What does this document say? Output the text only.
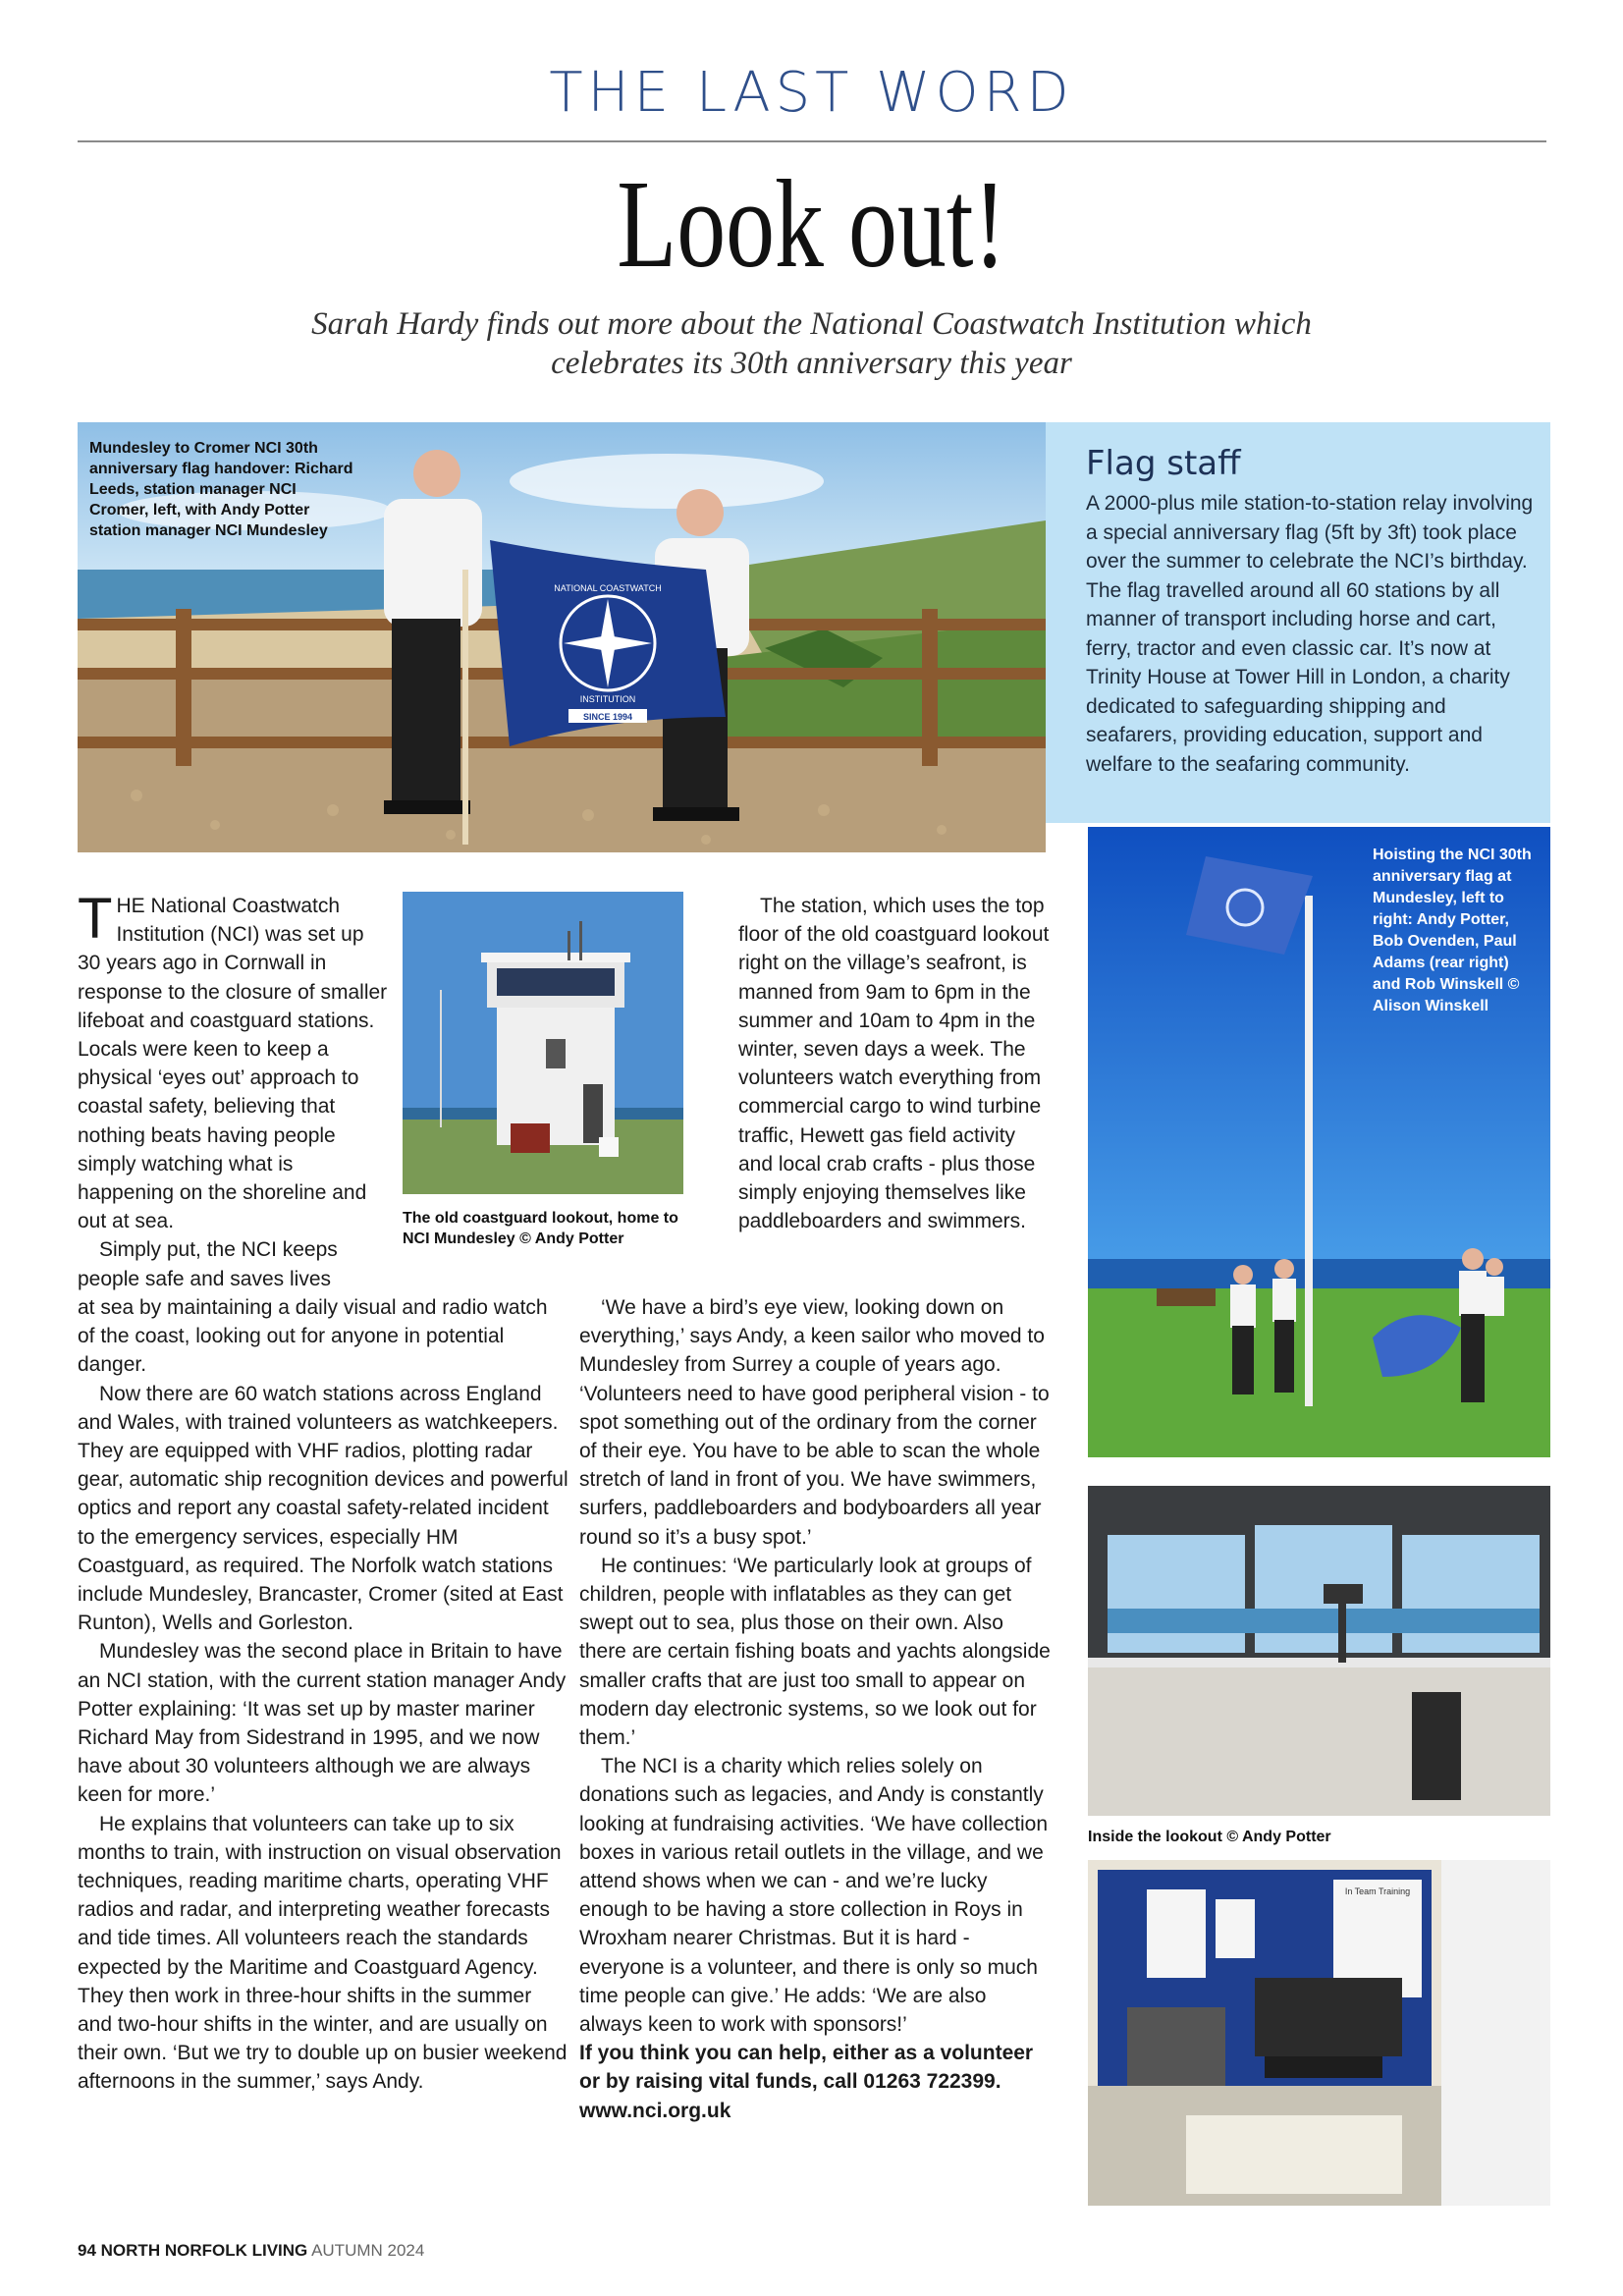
THE LAST WORD
Look out!
Sarah Hardy finds out more about the National Coastwatch Institution which
celebrates its 30th anniversary this year
NATIONAL COASTWATCH
INSTITUTION
SINCE 1994
Mundesley to Cromer NCI 30th anniversary flag handover: Richard Leeds, station manager NCI Cromer, left, with Andy Potter station manager NCI Mundesley
Flag staff

A 2000-plus mile station-to-station relay involving a special anniversary flag (5ft by 3ft) took place over the summer to celebrate the NCI’s birthday. The flag travelled around all 60 stations by all manner of transport including horse and cart, ferry, tractor and even classic car. It’s now at Trinity House at Tower Hill in London, a charity dedicated to safeguarding shipping and seafarers, providing education, support and welfare to the seafaring community.

Hoisting the NCI 30th anniversary flag at Mundesley, left to right: Andy Potter, Bob Ovenden, Paul Adams (rear right) and Rob Winskell © Alison Winskell
Inside the lookout © Andy Potter
In Team Training
The old coastguard lookout, home to NCI Mundesley © Andy Potter

THE National Coastwatch Institution (NCI) was set up 30 years ago in Cornwall in response to the closure of smaller lifeboat and coastguard stations. Locals were keen to keep a physical ‘eyes out’ approach to coastal safety, believing that nothing beats having people simply watching what is happening on the shoreline and out at sea.

Simply put, the NCI keeps people safe and saves lives

at sea by maintaining a daily visual and radio watch of the coast, looking out for anyone in potential danger.

Now there are 60 watch stations across England and Wales, with trained volunteers as watchkeepers. They are equipped with VHF radios, plotting radar gear, automatic ship recognition devices and powerful optics and report any coastal safety-related incident to the emergency services, especially HM Coastguard, as required. The Norfolk watch stations include Mundesley, Brancaster, Cromer (sited at East Runton), Wells and Gorleston.

Mundesley was the second place in Britain to have an NCI station, with the current station manager Andy Potter explaining: ‘It was set up by master mariner Richard May from Sidestrand in 1995, and we now have about 30 volunteers although we are always keen for more.’

He explains that volunteers can take up to six months to train, with instruction on visual observation techniques, reading maritime charts, operating VHF radios and radar, and interpreting weather forecasts and tide times. All volunteers reach the standards expected by the Maritime and Coastguard Agency. They then work in three-hour shifts in the summer and two-hour shifts in the winter, and are usually on their own. ‘But we try to double up on busier weekend afternoons in the summer,’ says Andy.

The station, which uses the top floor of the old coastguard lookout right on the village’s seafront, is manned from 9am to 6pm in the summer and 10am to 4pm in the winter, seven days a week. The volunteers watch everything from commercial cargo to wind turbine traffic, Hewett gas field activity and local crab crafts - plus those simply enjoying themselves like paddleboarders and swimmers.

‘We have a bird’s eye view, looking down on everything,’ says Andy, a keen sailor who moved to Mundesley from Surrey a couple of years ago. ‘Volunteers need to have good peripheral vision - to spot something out of the ordinary from the corner of their eye. You have to be able to scan the whole stretch of land in front of you. We have swimmers, surfers, paddleboarders and bodyboarders all year round so it’s a busy spot.’

He continues: ‘We particularly look at groups of children, people with inflatables as they can get swept out to sea, plus those on their own. Also there are certain fishing boats and yachts alongside smaller crafts that are just too small to appear on modern day electronic systems, so we look out for them.’

The NCI is a charity which relies solely on donations such as legacies, and Andy is constantly looking at fundraising activities. ‘We have collection boxes in various retail outlets in the village, and we attend shows when we can - and we’re lucky enough to be having a store collection in Roys in Wroxham nearer Christmas. But it is hard - everyone is a volunteer, and there is only so much time people can give.’ He adds: ‘We are also always keen to work with sponsors!’

If you think you can help, either as a volunteer or by raising vital funds, call 01263 722399.

www.nci.org.uk

94 NORTH NORFOLK LIVING AUTUMN 2024
